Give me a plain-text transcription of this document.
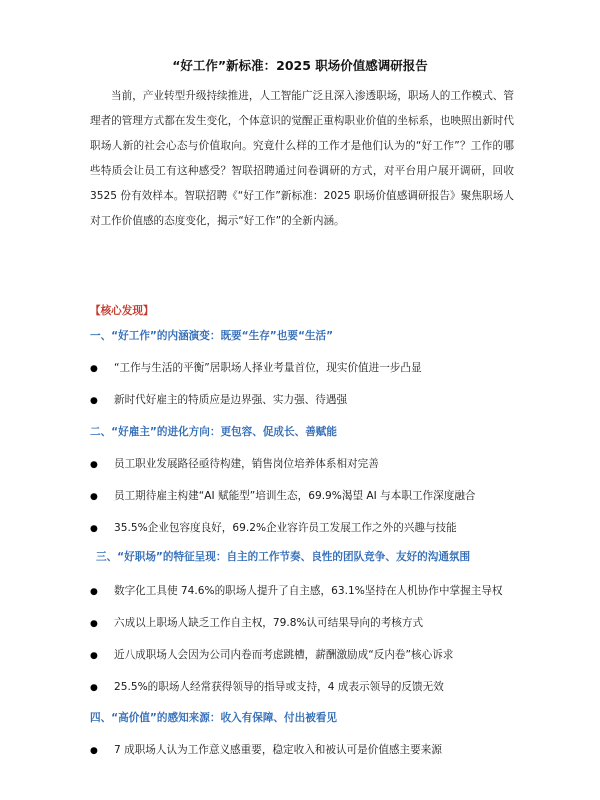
“好工作”新标准：2025 职场价值感调研报告

当前，产业转型升级持续推进，人工智能广泛且深入渗透职场，职场人的工作模式、管理者的管理方式都在发生变化，个体意识的觉醒正重构职业价值的坐标系，也映照出新时代职场人新的社会心态与价值取向。究竟什么样的工作才是他们认为的“好工作”？工作的哪些特质会让员工有这种感受？智联招聘通过问卷调研的方式，对平台用户展开调研，回收 3525 份有效样本。智联招聘《“好工作”新标准：2025 职场价值感调研报告》聚焦职场人对工作价值感的态度变化，揭示“好工作”的全新内涵。

【核心发现】
一、“好工作”的内涵演变：既要“生存”也要“生活”
● “工作与生活的平衡”居职场人择业考量首位，现实价值进一步凸显
● 新时代好雇主的特质应是边界强、实力强、待遇强
二、“好雇主”的进化方向：更包容、促成长、善赋能
● 员工职业发展路径亟待构建，销售岗位培养体系相对完善
● 员工期待雇主构建“AI 赋能型”培训生态，69.9%渴望 AI 与本职工作深度融合
● 35.5%企业包容度良好，69.2%企业容许员工发展工作之外的兴趣与技能
三、“好职场”的特征呈现：自主的工作节奏、良性的团队竞争、友好的沟通氛围
● 数字化工具使 74.6%的职场人提升了自主感，63.1%坚持在人机协作中掌握主导权
● 六成以上职场人缺乏工作自主权，79.8%认可结果导向的考核方式
● 近八成职场人会因为公司内卷而考虑跳槽，薪酬激励成“反内卷”核心诉求
● 25.5%的职场人经常获得领导的指导或支持，4 成表示领导的反馈无效
四、“高价值”的感知来源：收入有保障、付出被看见
● 7 成职场人认为工作意义感重要，稳定收入和被认可是价值感主要来源
